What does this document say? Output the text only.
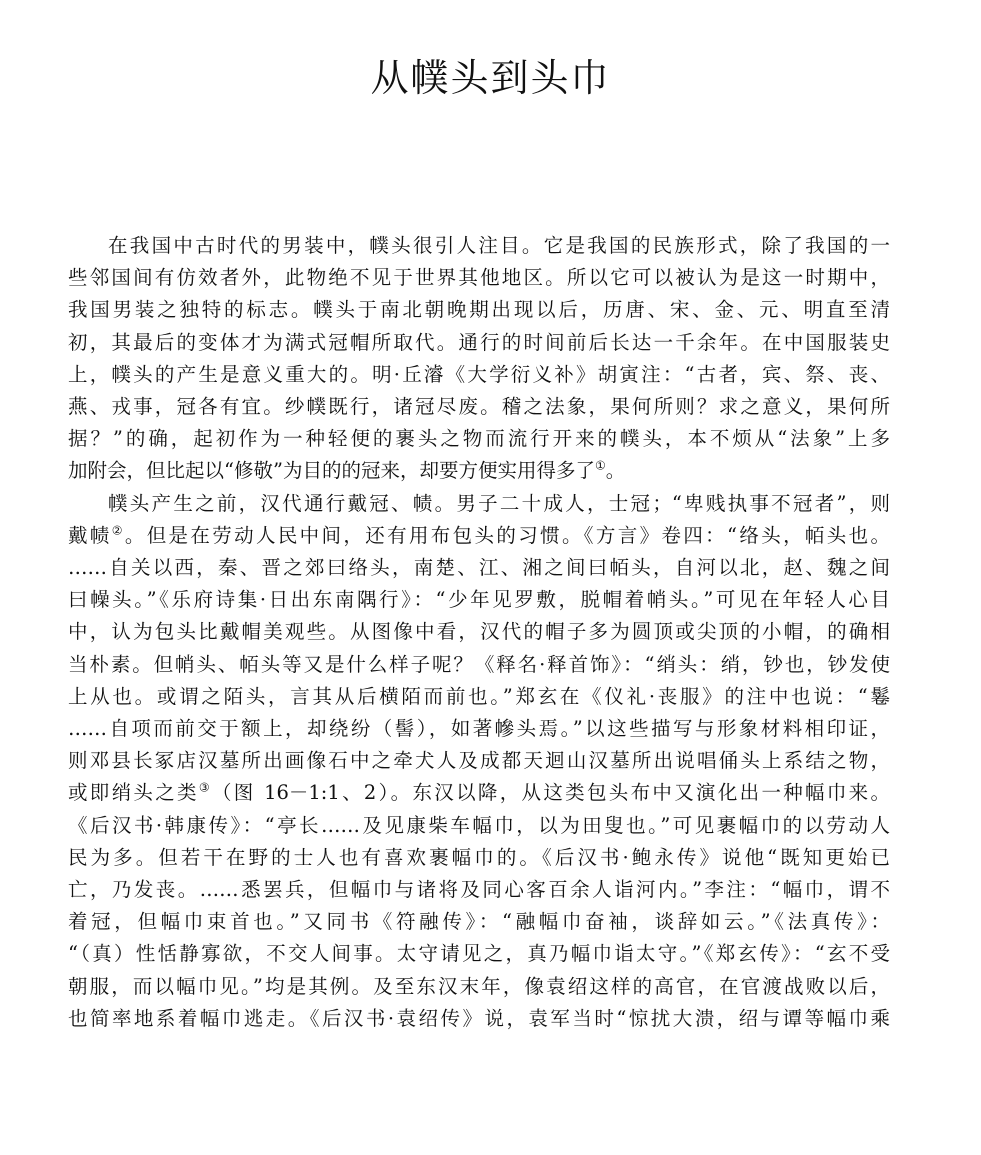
从幞头到头巾
在我国中古时代的男装中，幞头很引人注目。它是我国的民族形式，除了我国的一
些邻国间有仿效者外，此物绝不见于世界其他地区。所以它可以被认为是这一时期中，
我国男装之独特的标志。幞头于南北朝晚期出现以后，历唐、宋、金、元、明直至清
初，其最后的变体才为满式冠帽所取代。通行的时间前后长达一千余年。在中国服装史
上，幞头的产生是意义重大的。明·丘濬《大学衍义补》胡寅注：“古者，宾、祭、丧、
燕、戎事，冠各有宜。纱幞既行，诸冠尽废。稽之法象，果何所则？求之意义，果何所
据？”的确，起初作为一种轻便的裹头之物而流行开来的幞头，本不烦从“法象”上多
加附会，但比起以“修敬”为目的的冠来，却要方便实用得多了①。
幞头产生之前，汉代通行戴冠、帻。男子二十成人，士冠；“卑贱执事不冠者”，则
戴帻②。但是在劳动人民中间，还有用布包头的习惯。《方言》卷四：“络头，帞头也。
……自关以西，秦、晋之郊曰络头，南楚、江、湘之间曰帞头，自河以北，赵、魏之间
曰幧头。”《乐府诗集·日出东南隅行》：“少年见罗敷，脱帽着帩头。”可见在年轻人心目
中，认为包头比戴帽美观些。从图像中看，汉代的帽子多为圆顶或尖顶的小帽，的确相
当朴素。但帩头、帞头等又是什么样子呢？《释名·释首饰》：“绡头：绡，钞也，钞发使
上从也。或谓之陌头，言其从后横陌而前也。”郑玄在《仪礼·丧服》的注中也说：“鬈
……自项而前交于额上，却绕纷（髻），如著幓头焉。”以这些描写与形象材料相印证，
则邓县长冢店汉墓所出画像石中之牵犬人及成都天迴山汉墓所出说唱俑头上系结之物，
或即绡头之类③（图 16－1:1、2）。东汉以降，从这类包头布中又演化出一种幅巾来。
《后汉书·韩康传》：“亭长……及见康柴车幅巾，以为田叟也。”可见裹幅巾的以劳动人
民为多。但若干在野的士人也有喜欢裹幅巾的。《后汉书·鲍永传》说他“既知更始已
亡，乃发丧。……悉罢兵，但幅巾与诸将及同心客百余人诣河内。”李注：“幅巾，谓不
着冠，但幅巾束首也。”又同书《符融传》：“融幅巾奋袖，谈辞如云。”《法真传》：
“（真）性恬静寡欲，不交人间事。太守请见之，真乃幅巾诣太守。”《郑玄传》：“玄不受
朝服，而以幅巾见。”均是其例。及至东汉末年，像袁绍这样的高官，在官渡战败以后，
也简率地系着幅巾逃走。《后汉书·袁绍传》说，袁军当时“惊扰大溃，绍与谭等幅巾乘
